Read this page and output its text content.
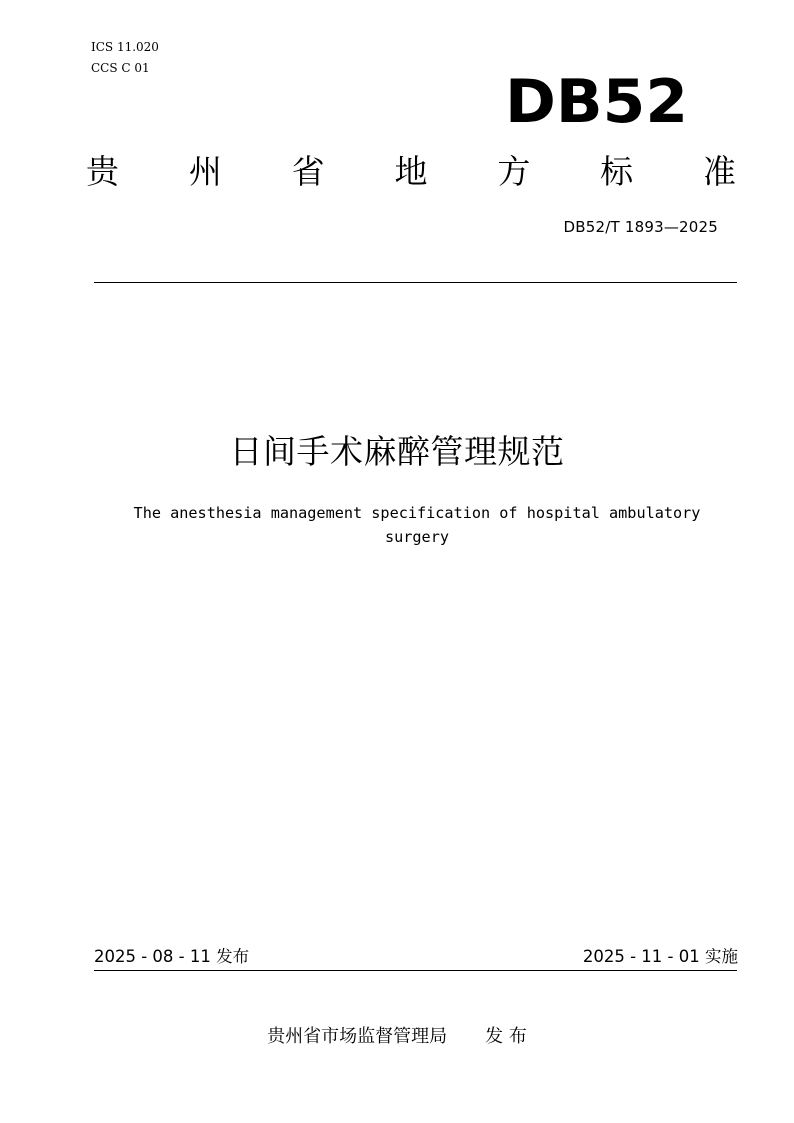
ICS 11.020
CCS C 01	DB52
贵 州 省 地 方 标 准
DB52/T 1893—2025
日间手术麻醉管理规范
The anesthesia management specification of hospital ambulatory surgery
2025 - 08 - 11 发布	2025 - 11 - 01 实施
贵州省市场监督管理局 发 布
